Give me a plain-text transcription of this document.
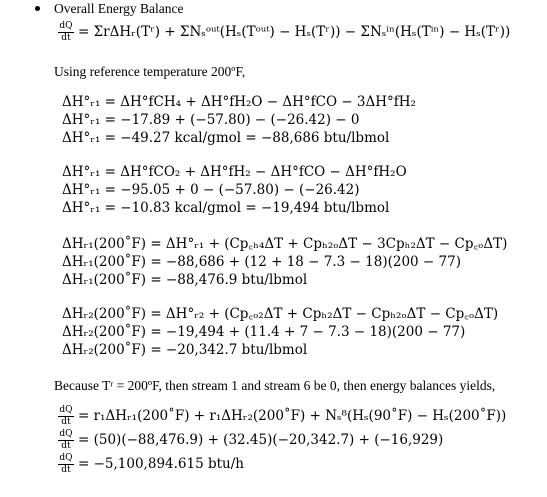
Overall Energy Balance
$\frac{dQ}{dt}$ = ΣrΔHᵣ(Tʳ) + ΣNₛᵒᵘᵗ(Hₛ(Tᵒᵘᵗ) − Hₛ(Tʳ)) − ΣNₛⁱⁿ(Hₛ(Tⁱⁿ) − Hₛ(Tʳ))
Using reference temperature 200ºF,
ΔH°ᵣ₁ = ΔH°fCH₄ + ΔH°fH₂O − ΔH°fCO − 3ΔH°fH₂
ΔH°ᵣ₁ = −17.89 + (−57.80) − (−26.42) − 0
ΔH°ᵣ₁ = −49.27 kcal/gmol = −88,686 btu/lbmol
ΔH°ᵣ₁ = ΔH°fCO₂ + ΔH°fH₂ − ΔH°fCO − ΔH°fH₂O
ΔH°ᵣ₁ = −95.05 + 0 − (−57.80) − (−26.42)
ΔH°ᵣ₁ = −10.83 kcal/gmol = −19,494 btu/lbmol
ΔHᵣ₁(200˚F) = ΔH°ᵣ₁ + (Cp꜀ₕ₄ΔT + Cpₕ₂ₒΔT − 3Cpₕ₂ΔT − Cp꜀ₒΔT)
ΔHᵣ₁(200˚F) = −88,686 + (12 + 18 − 7.3 − 18)(200 − 77)
ΔHᵣ₁(200˚F) = −88,476.9 btu/lbmol
ΔHᵣ₂(200˚F) = ΔH°ᵣ₂ + (Cp꜀ₒ₂ΔT + Cpₕ₂ΔT − Cpₕ₂ₒΔT − Cp꜀ₒΔT)
ΔHᵣ₂(200˚F) = −19,494 + (11.4 + 7 − 7.3 − 18)(200 − 77)
ΔHᵣ₂(200˚F) = −20,342.7 btu/lbmol
Because Tʳ = 200ºF, then stream 1 and stream 6 be 0, then energy balances yields,
$\frac{dQ}{dt}$ = r₁ΔHᵣ₁(200˚F) + r₁ΔHᵣ₂(200˚F) + Nₛ⁸(Hₛ(90˚F) − Hₛ(200˚F))
$\frac{dQ}{dt} = (50)(-88,476.9) + (32.45)(-20,342.7) + (-16,929)$
$\frac{dQ}{dt} = -5,100,894.615$ btu/h
